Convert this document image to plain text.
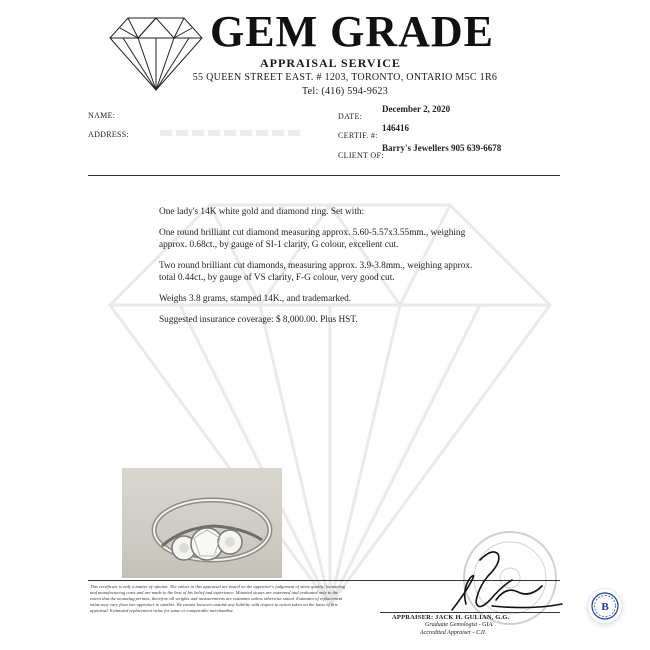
GEM GRADE
APPRAISAL SERVICE
55 QUEEN STREET EAST. # 1203, TORONTO, ONTARIO M5C 1R6
Tel: (416) 594-9623
NAME:
ADDRESS:
DATE:
December 2, 2020
CERTIF. #:
146416
CLIENT OF:
Barry's Jewellers 905 639-6678

One lady's 14K white gold and diamond ring. Set with:

One round brilliant cut diamond measuring approx. 5.60-5.57x3.55mm., weighing approx. 0.68ct., by gauge of SI-1 clarity, G colour, excellent cut.

Two round brilliant cut diamonds, measuring approx. 3.9-3.8mm., weighing approx. total 0.44ct., by gauge of VS clarity, F-G colour, very good cut.

Weighs 3.8 grams, stamped 14K., and trademarked.

Suggested insurance coverage: $ 8,000.00. Plus HST.

This certificate is only a matter of opinion. The values in this appraisal are based on the appraiser's judgement of stone quality, honouring and manufacturing costs and are made to the best of his belief and experience. Mounted stones are examined and evaluated only to the extent that the mounting permits, therefore all weights and measurements are estimates unless otherwise stated. Estimates of replacement value may vary from one appraiser to another. We cannot however assume any liability with respect to action taken on the basis of this appraisal. Estimated replacement value for same or comparable merchandise.
APPRAISER: JACK H. GULIAN, G.G.
Graduate Gemologist - GIA.
Accredited Appraiser - CJI.
B
